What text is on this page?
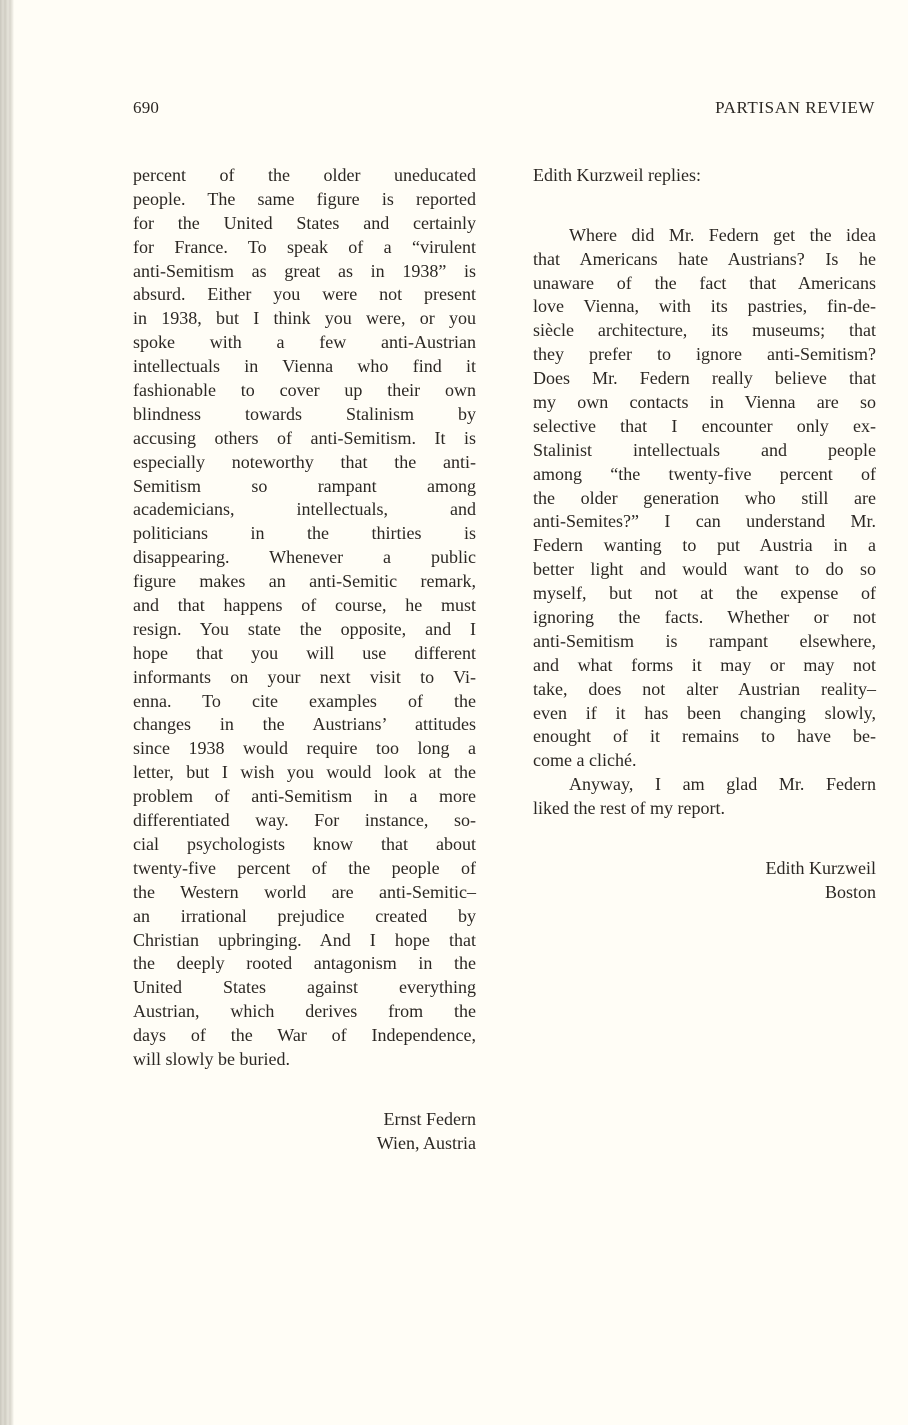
690	PARTISAN REVIEW
percent of the older uneducated
people. The same figure is reported
for the United States and certainly
for France. To speak of a “virulent
anti-Semitism as great as in 1938” is
absurd. Either you were not present
in 1938, but I think you were, or you
spoke with a few anti-Austrian
intellectuals in Vienna who find it
fashionable to cover up their own
blindness towards Stalinism by
accusing others of anti-Semitism. It is
especially noteworthy that the anti-
Semitism so rampant among
academicians, intellectuals, and
politicians in the thirties is
disappearing. Whenever a public
figure makes an anti-Semitic remark,
and that happens of course, he must
resign. You state the opposite, and I
hope that you will use different
informants on your next visit to Vi-
enna. To cite examples of the
changes in the Austrians’ attitudes
since 1938 would require too long a
letter, but I wish you would look at the
problem of anti-Semitism in a more
differentiated way. For instance, so-
cial psychologists know that about
twenty-five percent of the people of
the Western world are anti-Semitic–
an irrational prejudice created by
Christian upbringing. And I hope that
the deeply rooted antagonism in the
United States against everything
Austrian, which derives from the
days of the War of Independence,
will slowly be buried.
Ernst Federn
Wien, Austria
Edith Kurzweil replies:
Where did Mr. Federn get the idea
that Americans hate Austrians? Is he
unaware of the fact that Americans
love Vienna, with its pastries, fin-de-
siècle architecture, its museums; that
they prefer to ignore anti-Semitism?
Does Mr. Federn really believe that
my own contacts in Vienna are so
selective that I encounter only ex-
Stalinist intellectuals and people
among “the twenty-five percent of
the older generation who still are
anti-Semites?” I can understand Mr.
Federn wanting to put Austria in a
better light and would want to do so
myself, but not at the expense of
ignoring the facts. Whether or not
anti-Semitism is rampant elsewhere,
and what forms it may or may not
take, does not alter Austrian reality–
even if it has been changing slowly,
enought of it remains to have be-
come a cliché.
Anyway, I am glad Mr. Federn
liked the rest of my report.
Edith Kurzweil
Boston
